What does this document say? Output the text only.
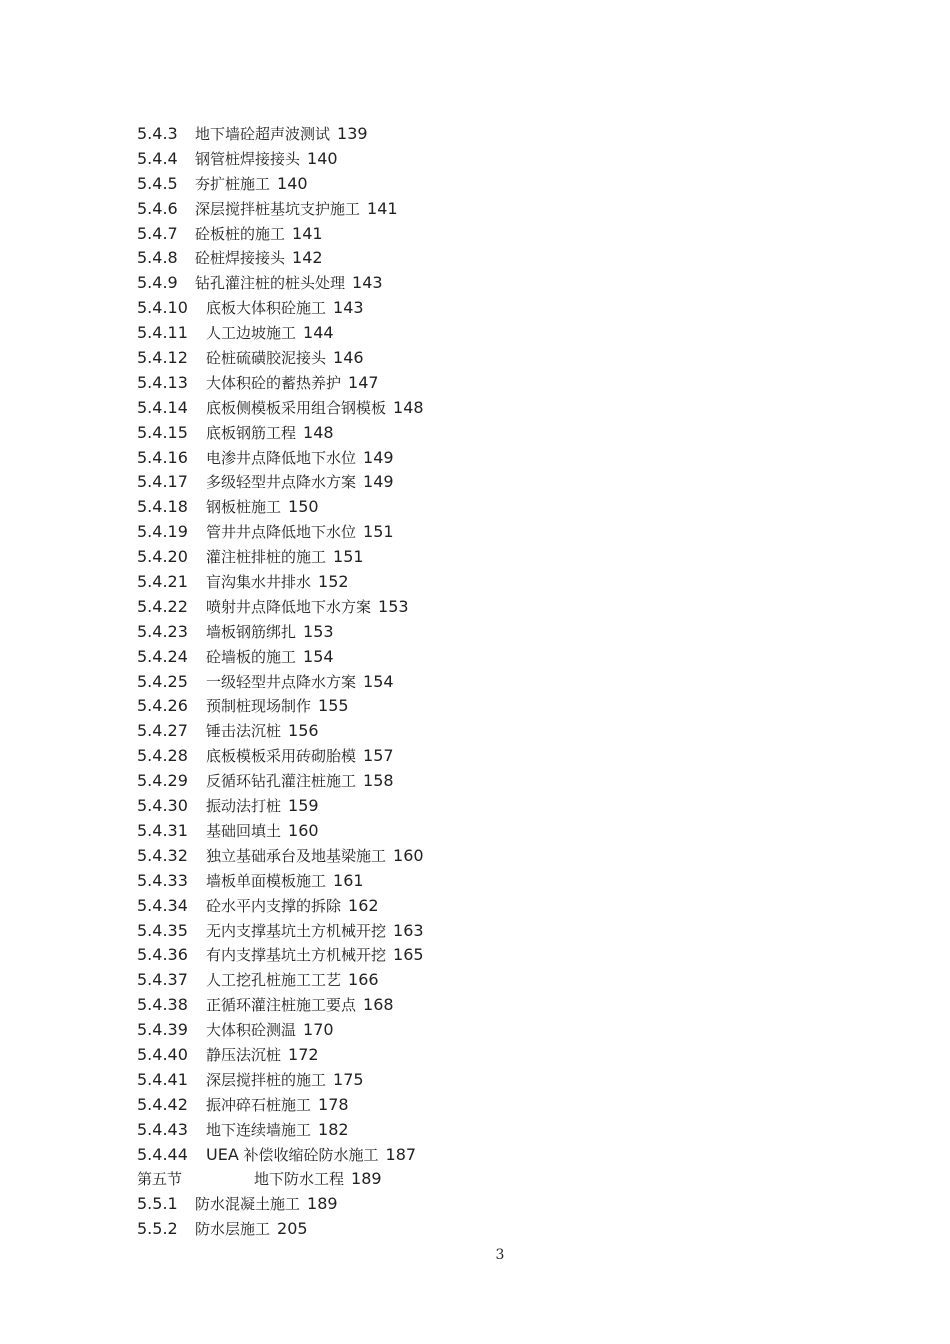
5.4.3 地下墙砼超声波测试 139
5.4.4 钢管桩焊接接头 140
5.4.5 夯扩桩施工 140
5.4.6 深层搅拌桩基坑支护施工 141
5.4.7 砼板桩的施工 141
5.4.8 砼桩焊接接头 142
5.4.9 钻孔灌注桩的桩头处理 143
5.4.10 底板大体积砼施工 143
5.4.11 人工边坡施工 144
5.4.12 砼桩硫磺胶泥接头 146
5.4.13 大体积砼的蓄热养护 147
5.4.14 底板侧模板采用组合钢模板 148
5.4.15 底板钢筋工程 148
5.4.16 电渗井点降低地下水位 149
5.4.17 多级轻型井点降水方案 149
5.4.18 钢板桩施工 150
5.4.19 管井井点降低地下水位 151
5.4.20 灌注桩排桩的施工 151
5.4.21 盲沟集水井排水 152
5.4.22 喷射井点降低地下水方案 153
5.4.23 墙板钢筋绑扎 153
5.4.24 砼墙板的施工 154
5.4.25 一级轻型井点降水方案 154
5.4.26 预制桩现场制作 155
5.4.27 锤击法沉桩 156
5.4.28 底板模板采用砖砌胎模 157
5.4.29 反循环钻孔灌注桩施工 158
5.4.30 振动法打桩 159
5.4.31 基础回填土 160
5.4.32 独立基础承台及地基梁施工 160
5.4.33 墙板单面模板施工 161
5.4.34 砼水平内支撑的拆除 162
5.4.35 无内支撑基坑土方机械开挖 163
5.4.36 有内支撑基坑土方机械开挖 165
5.4.37 人工挖孔桩施工工艺 166
5.4.38 正循环灌注桩施工要点 168
5.4.39 大体积砼测温 170
5.4.40 静压法沉桩 172
5.4.41 深层搅拌桩的施工 175
5.4.42 振冲碎石桩施工 178
5.4.43 地下连续墙施工 182
5.4.44 UEA 补偿收缩砼防水施工 187
第五节	地下防水工程 189
5.5.1 防水混凝土施工 189
5.5.2 防水层施工 205
3
